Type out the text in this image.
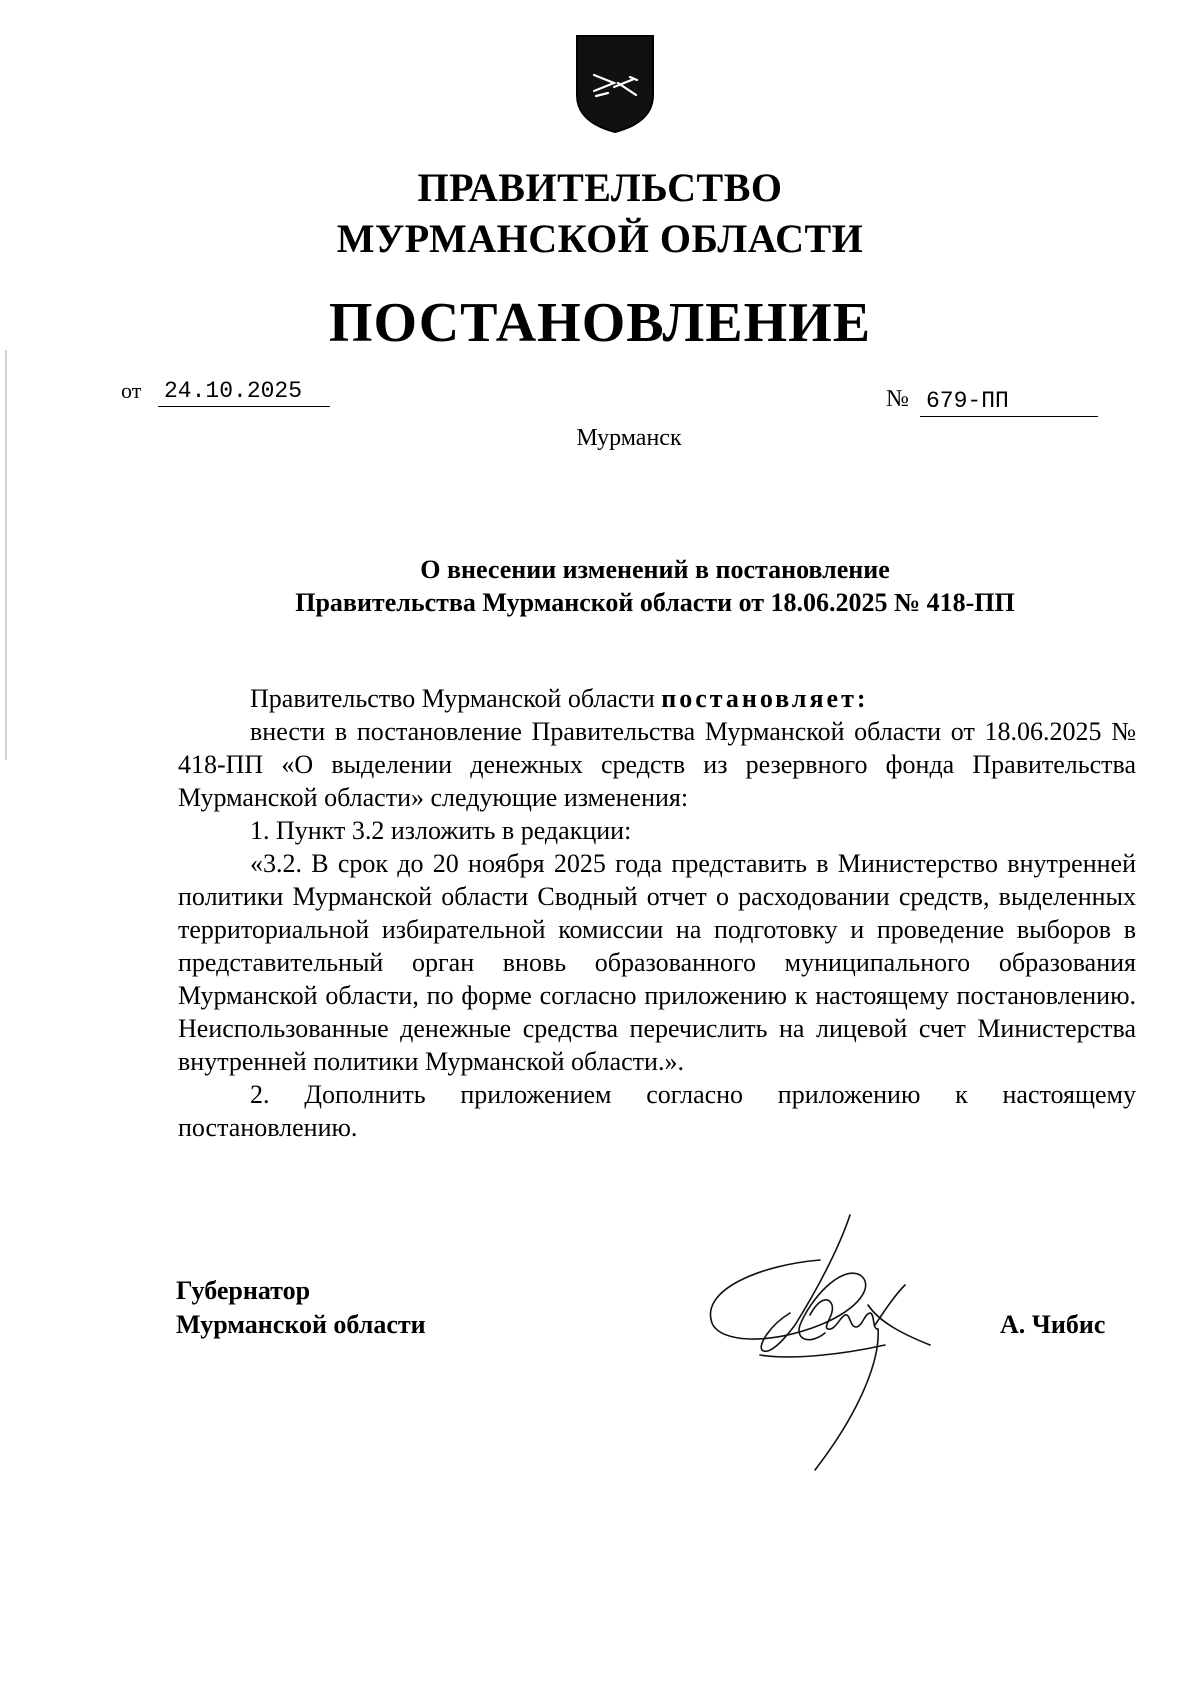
ПРАВИТЕЛЬСТВО
МУРМАНСКОЙ ОБЛАСТИ
ПОСТАНОВЛЕНИЕ
от 24.10.2025	№ 679-ПП
Мурманск
О внесении изменений в постановление
Правительства Мурманской области от 18.06.2025 № 418-ПП

Правительство Мурманской области постановляет:

внести в постановление Правительства Мурманской области от 18.06.2025 № 418-ПП «О выделении денежных средств из резервного фонда Правительства Мурманской области» следующие изменения:

1. Пункт 3.2 изложить в редакции:

«3.2. В срок до 20 ноября 2025 года представить в Министерство внутренней политики Мурманской области Сводный отчет о расходовании средств, выделенных территориальной избирательной комиссии на подготовку и проведение выборов в представительный орган вновь образованного муниципального образования Мурманской области, по форме согласно приложению к настоящему постановлению. Неиспользованные денежные средства перечислить на лицевой счет Министерства внутренней политики Мурманской области.».

2. Дополнить приложением согласно приложению к настоящему постановлению.

Губернатор
Мурманской области	А. Чибис
